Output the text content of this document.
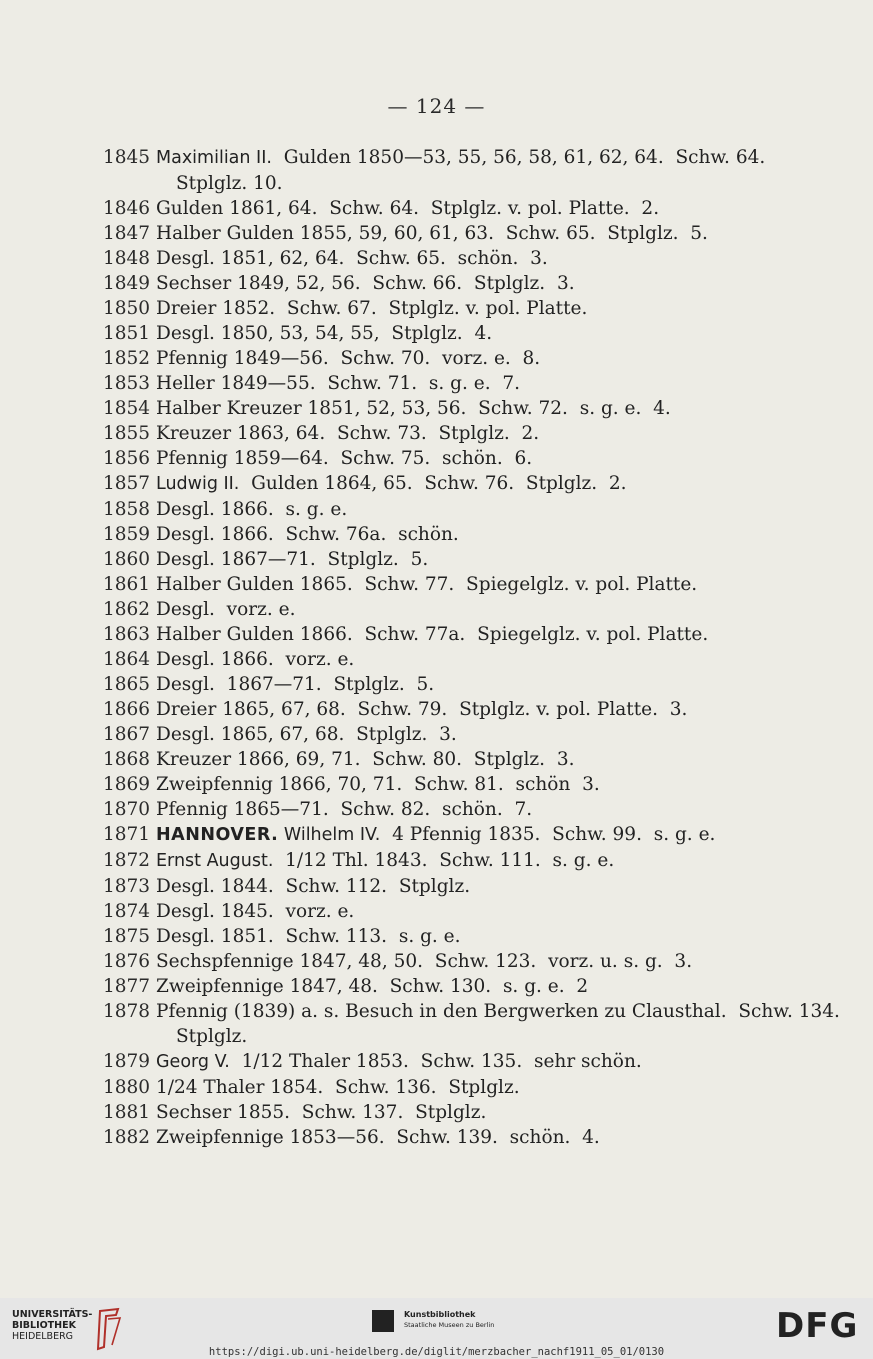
— 124 —
1845 Maximilian II.  Gulden 1850—53, 55, 56, 58, 61, 62, 64.  Schw. 64.
Stplglz. 10.
1846 Gulden 1861, 64.  Schw. 64.  Stplglz. v. pol. Platte.  2.
1847 Halber Gulden 1855, 59, 60, 61, 63.  Schw. 65.  Stplglz.  5.
1848 Desgl. 1851, 62, 64.  Schw. 65.  schön.  3.
1849 Sechser 1849, 52, 56.  Schw. 66.  Stplglz.  3.
1850 Dreier 1852.  Schw. 67.  Stplglz. v. pol. Platte.
1851 Desgl. 1850, 53, 54, 55,  Stplglz.  4.
1852 Pfennig 1849—56.  Schw. 70.  vorz. e.  8.
1853 Heller 1849—55.  Schw. 71.  s. g. e.  7.
1854 Halber Kreuzer 1851, 52, 53, 56.  Schw. 72.  s. g. e.  4.
1855 Kreuzer 1863, 64.  Schw. 73.  Stplglz.  2.
1856 Pfennig 1859—64.  Schw. 75.  schön.  6.
1857 Ludwig II.  Gulden 1864, 65.  Schw. 76.  Stplglz.  2.
1858 Desgl. 1866.  s. g. e.
1859 Desgl. 1866.  Schw. 76a.  schön.
1860 Desgl. 1867—71.  Stplglz.  5.
1861 Halber Gulden 1865.  Schw. 77.  Spiegelglz. v. pol. Platte.
1862 Desgl.  vorz. e.
1863 Halber Gulden 1866.  Schw. 77a.  Spiegelglz. v. pol. Platte.
1864 Desgl. 1866.  vorz. e.
1865 Desgl.  1867—71.  Stplglz.  5.
1866 Dreier 1865, 67, 68.  Schw. 79.  Stplglz. v. pol. Platte.  3.
1867 Desgl. 1865, 67, 68.  Stplglz.  3.
1868 Kreuzer 1866, 69, 71.  Schw. 80.  Stplglz.  3.
1869 Zweipfennig 1866, 70, 71.  Schw. 81.  schön  3.
1870 Pfennig 1865—71.  Schw. 82.  schön.  7.
1871 HANNOVER. Wilhelm IV.  4 Pfennig 1835.  Schw. 99.  s. g. e.
1872 Ernst August.  1/12 Thl. 1843.  Schw. 111.  s. g. e.
1873 Desgl. 1844.  Schw. 112.  Stplglz.
1874 Desgl. 1845.  vorz. e.
1875 Desgl. 1851.  Schw. 113.  s. g. e.
1876 Sechspfennige 1847, 48, 50.  Schw. 123.  vorz. u. s. g.  3.
1877 Zweipfennige 1847, 48.  Schw. 130.  s. g. e.  2
1878 Pfennig (1839) a. s. Besuch in den Bergwerken zu Clausthal.  Schw. 134.
Stplglz.
1879 Georg V.  1/12 Thaler 1853.  Schw. 135.  sehr schön.
1880 1/24 Thaler 1854.  Schw. 136.  Stplglz.
1881 Sechser 1855.  Schw. 137.  Stplglz.
1882 Zweipfennige 1853—56.  Schw. 139.  schön.  4.
UNIVERSITÄTS-
BIBLIOTHEK
HEIDELBERG
Kunstbibliothek
Staatliche Museen zu Berlin	DFG
https://digi.ub.uni-heidelberg.de/diglit/merzbacher_nachf1911_05_01/0130
